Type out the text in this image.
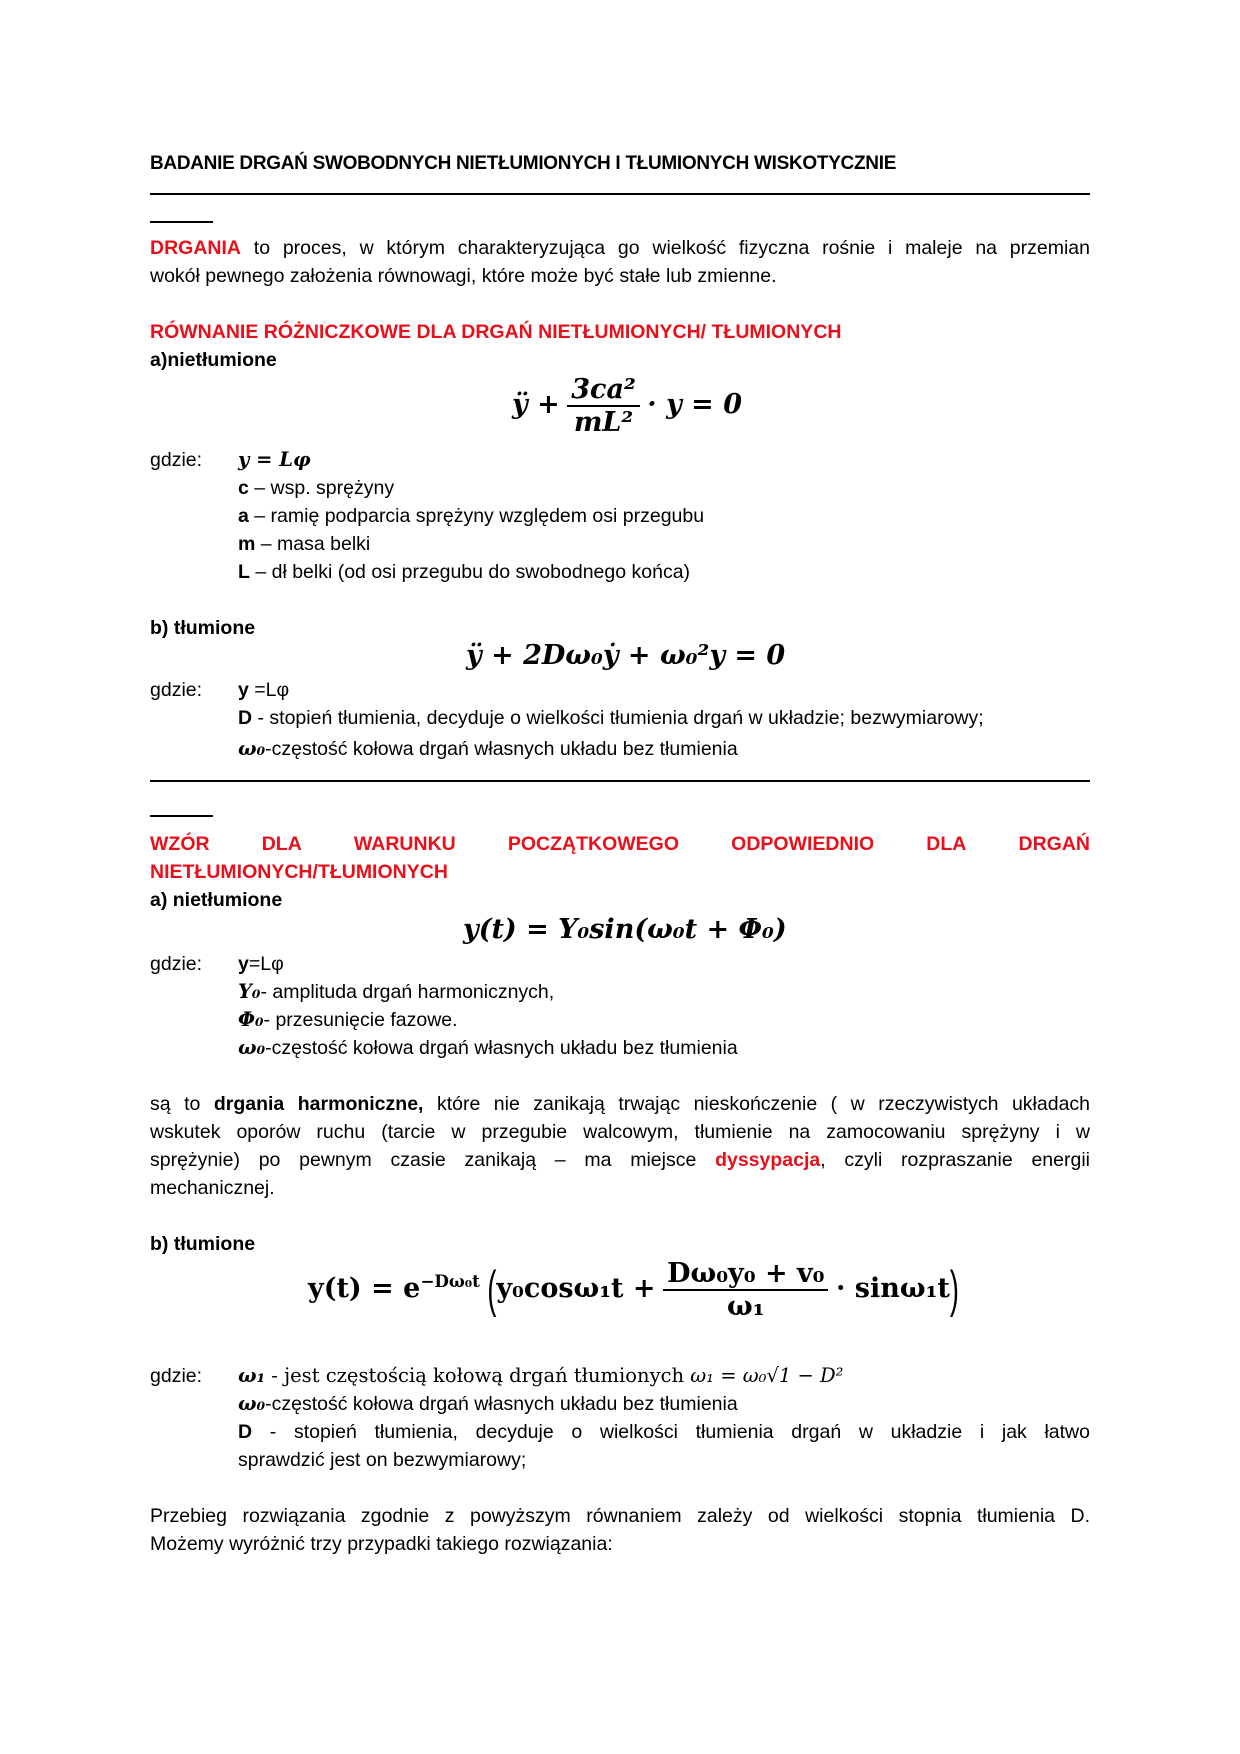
BADANIE DRGAŃ SWOBODNYCH NIETŁUMIONYCH I TŁUMIONYCH WISKOTYCZNIE
DRGANIA to proces, w którym charakteryzująca go wielkość fizyczna rośnie i maleje na przemian
wokół pewnego założenia równowagi, które może być stałe lub zmienne.
RÓWNANIE RÓŻNICZKOWE DLA DRGAŃ NIETŁUMIONYCH/ TŁUMIONYCH
a)nietłumione
ÿ + $\frac{\text{3ca²}}{\text{mL²}} \cdot y = 0$
gdzie: y = Lφ
c – wsp. sprężyny
a – ramię podparcia sprężyny względem osi przegubu
m – masa belki
L – dł belki (od osi przegubu do swobodnego końca)
b) tłumione
ÿ + 2Dω₀ẏ + ω₀²y = 0
gdzie: y =Lφ
D - stopień tłumienia, decyduje o wielkości tłumienia drgań w układzie; bezwymiarowy;
ω₀-częstość kołowa drgań własnych układu bez tłumienia
WZÓR	DLA	WARUNKU	POCZĄTKOWEGO	ODPOWIEDNIO	DLA	DRGAŃ
NIETŁUMIONYCH/TŁUMIONYCH
a) nietłumione
y(t) = Y₀sin(ω₀t + Φ₀)
gdzie: y=Lφ
Y₀- amplituda drgań harmonicznych,
Φ₀- przesunięcie fazowe.
ω₀-częstość kołowa drgań własnych układu bez tłumienia
są to drgania harmoniczne, które nie zanikają trwając nieskończenie ( w rzeczywistych układach
wskutek oporów ruchu (tarcie w przegubie walcowym, tłumienie na zamocowaniu sprężyny i w
sprężynie) po pewnym czasie zanikają – ma miejsce dyssypacja, czyli rozpraszanie energii
mechanicznej.
b) tłumione
$y(t) = e^{-D\omega_0t}$ $(y_0\cos\omega_1t + \frac{\text{Dω₀y₀ + v₀}}{\text{ω₁}} \cdot \sin\omega_1t)$
gdzie: ω₁ - jest częstością kołową drgań tłumionych ω₁ = ω₀√1 − D²
ω₀-częstość kołowa drgań własnych układu bez tłumienia
D - stopień tłumienia, decyduje o wielkości tłumienia drgań w układzie i jak łatwo
sprawdzić jest on bezwymiarowy;
Przebieg rozwiązania zgodnie z powyższym równaniem zależy od wielkości stopnia tłumienia D.
Możemy wyróżnić trzy przypadki takiego rozwiązania:
